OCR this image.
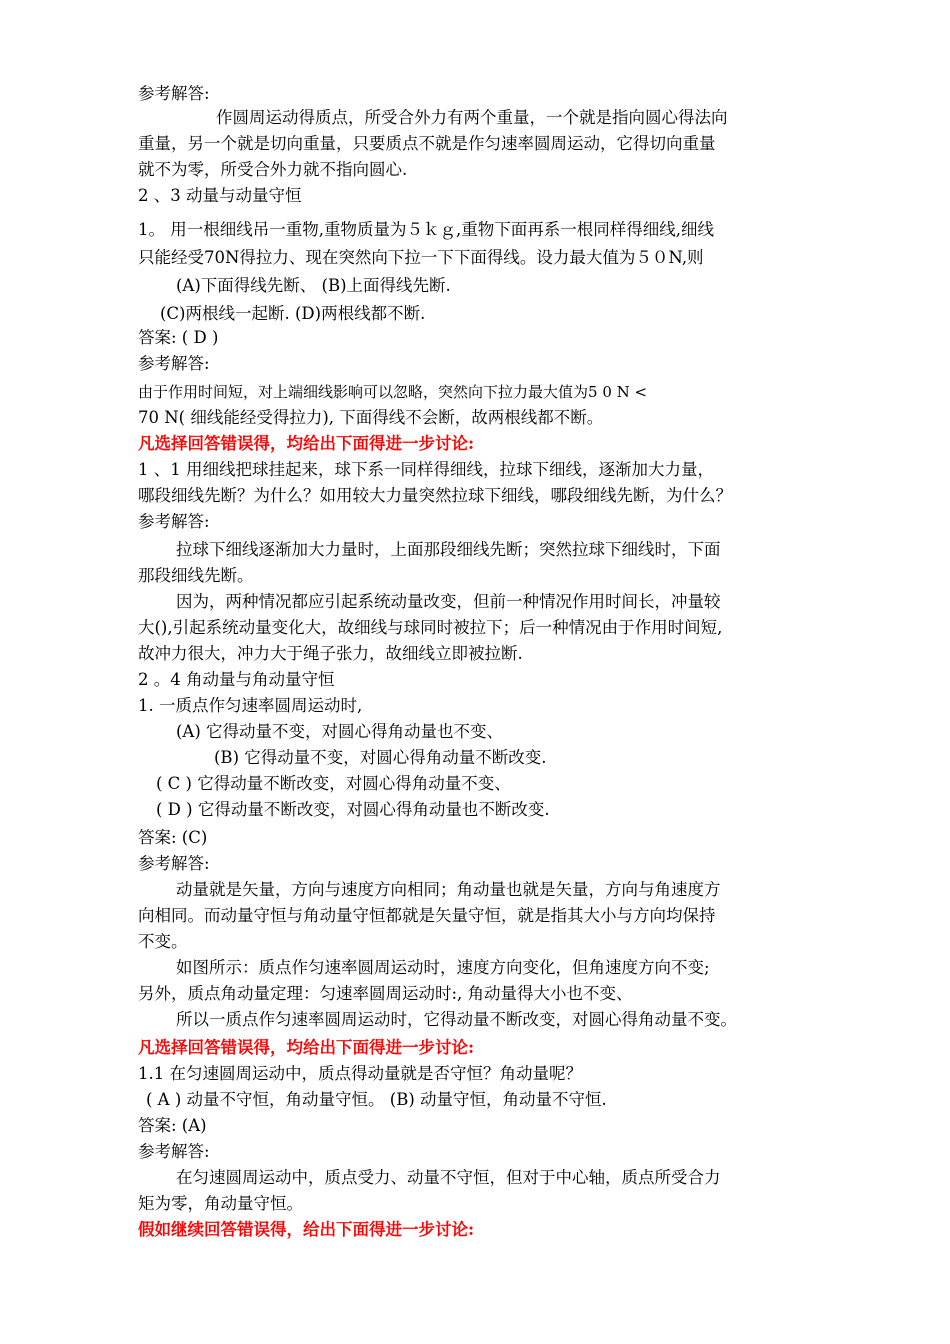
参考解答:
作圆周运动得质点，所受合外力有两个重量，一个就是指向圆心得法向
重量，另一个就是切向重量，只要质点不就是作匀速率圆周运动，它得切向重量
就不为零，所受合外力就不指向圆心.
2 、3 动量与动量守恒
1。 用一根细线吊一重物,重物质量为５ｋｇ,重物下面再系一根同样得细线,细线
只能经受70N得拉力、现在突然向下拉一下下面得线。设力最大值为５０N,则
(A)下面得线先断、 (B)上面得线先断.
(C)两根线一起断. (D)两根线都不断.
答案: ( D )
参考解答:
由于作用时间短，对上端细线影响可以忽略，突然向下拉力最大值为5 0 N <
70 N( 细线能经受得拉力), 下面得线不会断，故两根线都不断。
凡选择回答错误得，均给出下面得进一步讨论:
1 、1 用细线把球挂起来，球下系一同样得细线，拉球下细线，逐渐加大力量，
哪段细线先断？为什么？如用较大力量突然拉球下细线，哪段细线先断，为什么？
参考解答:
拉球下细线逐渐加大力量时，上面那段细线先断；突然拉球下细线时，下面
那段细线先断。
因为，两种情况都应引起系统动量改变，但前一种情况作用时间长，冲量较
大(),引起系统动量变化大，故细线与球同时被拉下；后一种情况由于作用时间短,
故冲力很大，冲力大于绳子张力，故细线立即被拉断.
2 。4 角动量与角动量守恒
1. 一质点作匀速率圆周运动时,
(A) 它得动量不变，对圆心得角动量也不变、
(B) 它得动量不变，对圆心得角动量不断改变.
( C ) 它得动量不断改变，对圆心得角动量不变、
( D ) 它得动量不断改变，对圆心得角动量也不断改变.
答案: (C)
参考解答:
动量就是矢量，方向与速度方向相同；角动量也就是矢量，方向与角速度方
向相同。而动量守恒与角动量守恒都就是矢量守恒，就是指其大小与方向均保持
不变。
如图所示：质点作匀速率圆周运动时，速度方向变化，但角速度方向不变;
另外，质点角动量定理：匀速率圆周运动时:, 角动量得大小也不变、
所以一质点作匀速率圆周运动时，它得动量不断改变，对圆心得角动量不变。
凡选择回答错误得，均给出下面得进一步讨论:
1.1 在匀速圆周运动中，质点得动量就是否守恒？角动量呢？
( A ) 动量不守恒，角动量守恒。 (B) 动量守恒，角动量不守恒.
答案: (A)
参考解答:
在匀速圆周运动中，质点受力、动量不守恒，但对于中心轴，质点所受合力
矩为零，角动量守恒。
假如继续回答错误得，给出下面得进一步讨论:
